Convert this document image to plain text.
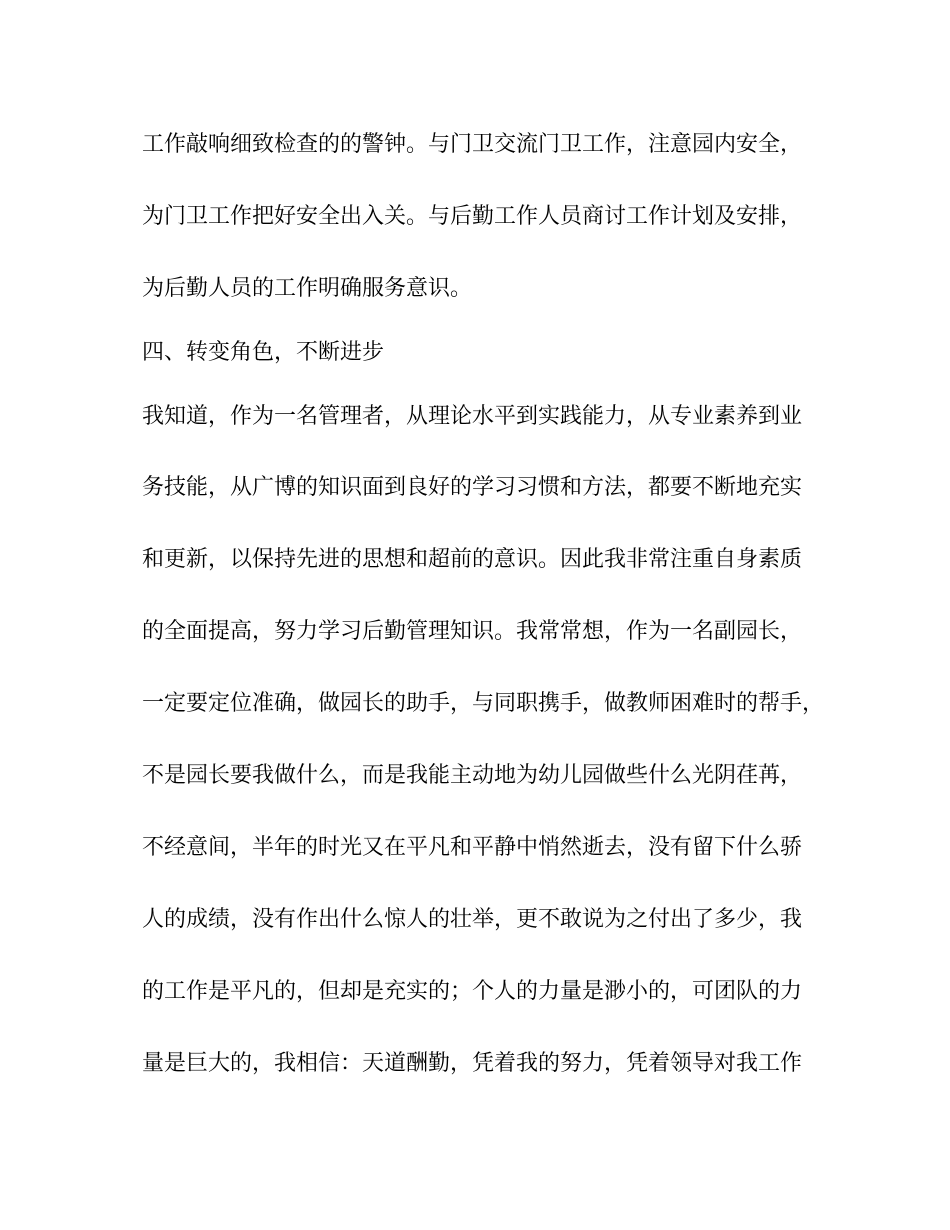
工作敲响细致检查的的警钟。与门卫交流门卫工作，注意园内安全，

为门卫工作把好安全出入关。与后勤工作人员商讨工作计划及安排，

为后勤人员的工作明确服务意识。

四、转变角色，不断进步

我知道，作为一名管理者，从理论水平到实践能力，从专业素养到业

务技能，从广博的知识面到良好的学习习惯和方法，都要不断地充实

和更新，以保持先进的思想和超前的意识。因此我非常注重自身素质

的全面提高，努力学习后勤管理知识。我常常想，作为一名副园长，

一定要定位准确，做园长的助手，与同职携手，做教师困难时的帮手，

不是园长要我做什么，而是我能主动地为幼儿园做些什么光阴荏苒，

不经意间，半年的时光又在平凡和平静中悄然逝去，没有留下什么骄

人的成绩，没有作出什么惊人的壮举，更不敢说为之付出了多少，我

的工作是平凡的，但却是充实的；个人的力量是渺小的，可团队的力

量是巨大的，我相信：天道酬勤，凭着我的努力，凭着领导对我工作
